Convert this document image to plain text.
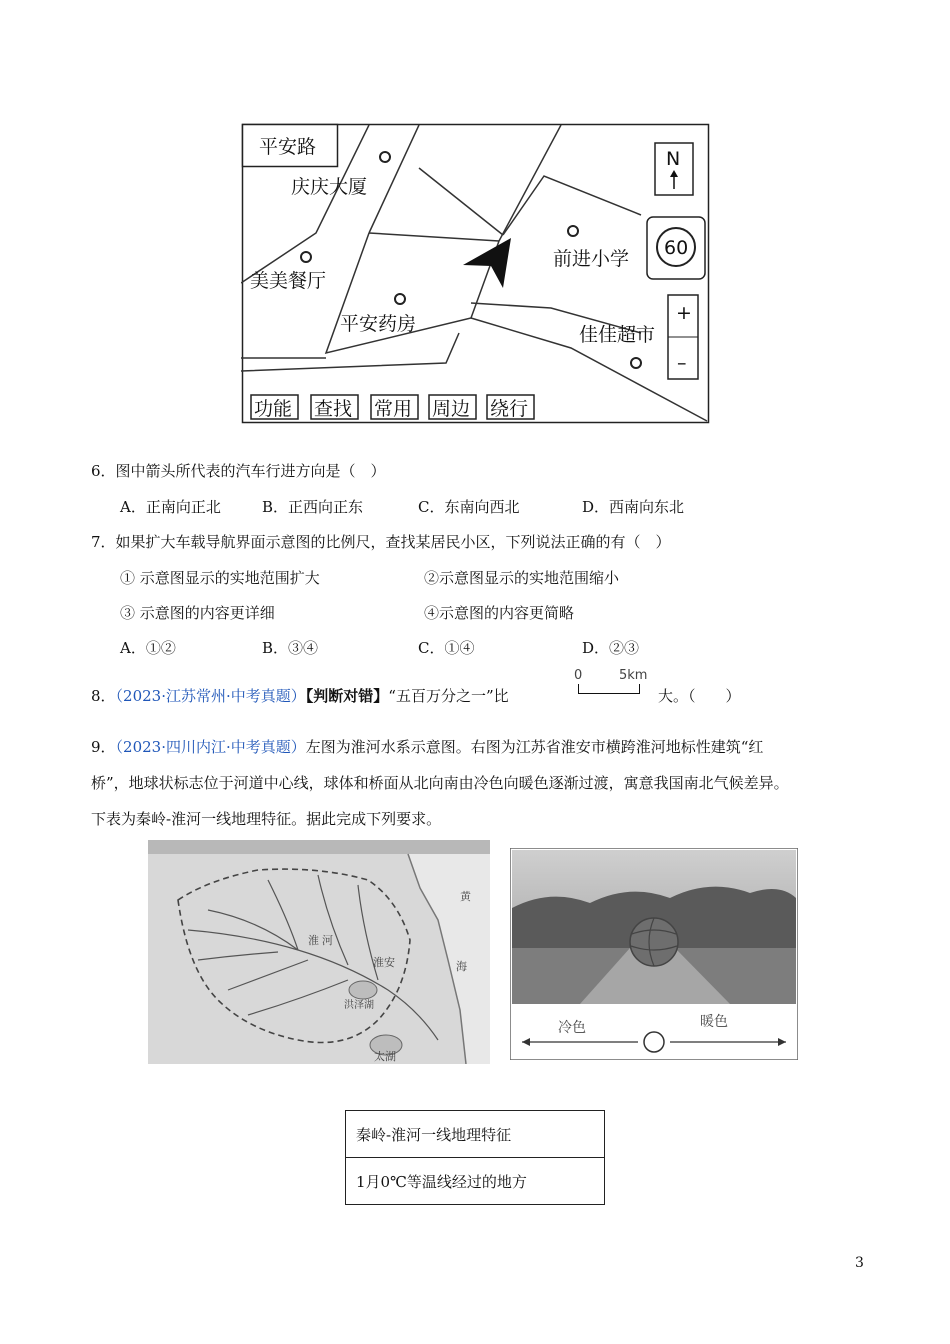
平安路
庆庆大厦
美美餐厅
平安药房
前进小学
佳佳超市
N
60
+
–
功能 查找 常用 周边 绕行
6．图中箭头所代表的汽车行进方向是（　）
A．正南向正北	B．正西向正东	C．东南向西北	D．西南向东北
7．如果扩大车载导航界面示意图的比例尺，查找某居民小区，下列说法正确的有（　）
① 示意图显示的实地范围扩大	②示意图显示的实地范围缩小
③ 示意图的内容更详细	④示意图的内容更简略
A．①②	B．③④	C．①④	D．②③
8．（2023·江苏常州·中考真题）【判断对错】“五百万分之一”比
0	5km
大。（　　）
9．（2023·四川内江·中考真题）左图为淮河水系示意图。右图为江苏省淮安市横跨淮河地标性建筑“红
桥”，地球状标志位于河道中心线，球体和桥面从北向南由冷色向暖色逐渐过渡，寓意我国南北气候差异。
下表为秦岭-淮河一线地理特征。据此完成下列要求。
黄
海
淮 河
洪泽湖
淮安
太湖
冷色	暖色
秦岭-淮河一线地理特征
1月0℃等温线经过的地方
3
